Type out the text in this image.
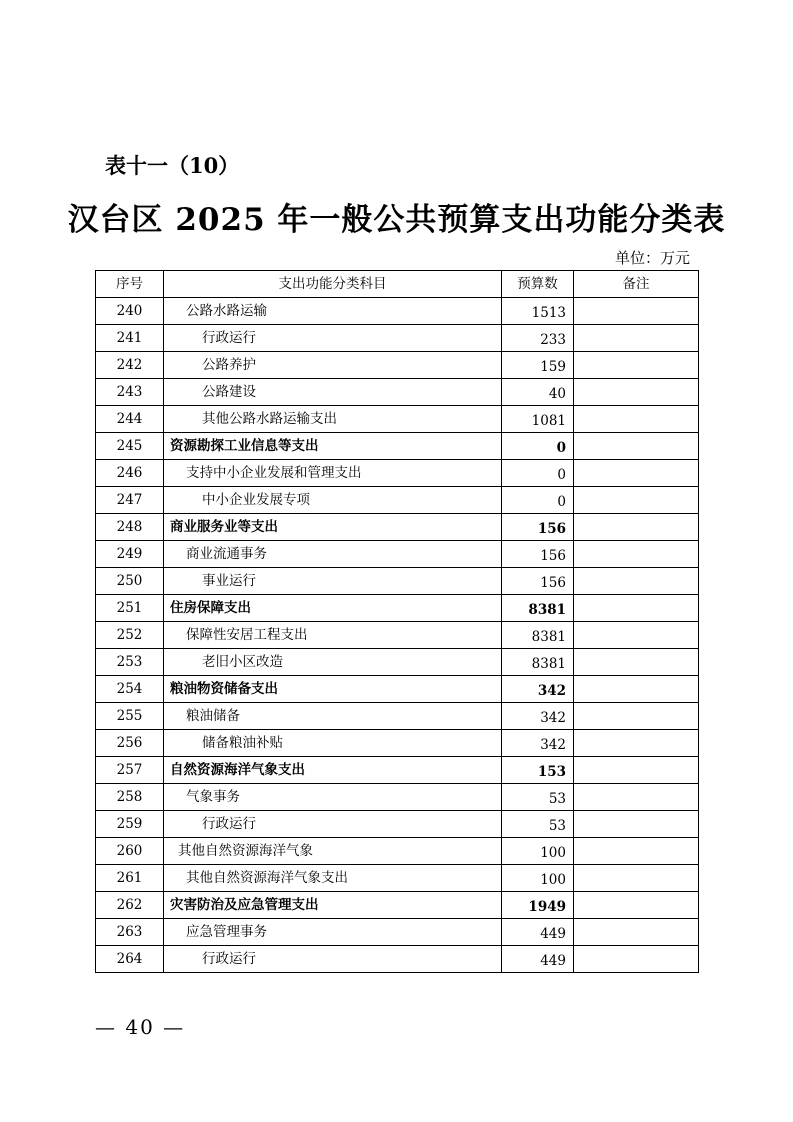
表十一（10）
汉台区 2025 年一般公共预算支出功能分类表
单位：万元
序号	支出功能分类科目	预算数	备注
240	公路水路运输	1513	
241	行政运行	233	
242	公路养护	159	
243	公路建设	40	
244	其他公路水路运输支出	1081	
245	资源勘探工业信息等支出	0	
246	支持中小企业发展和管理支出	0	
247	中小企业发展专项	0	
248	商业服务业等支出	156	
249	商业流通事务	156	
250	事业运行	156	
251	住房保障支出	8381	
252	保障性安居工程支出	8381	
253	老旧小区改造	8381	
254	粮油物资储备支出	342	
255	粮油储备	342	
256	储备粮油补贴	342	
257	自然资源海洋气象支出	153	
258	气象事务	53	
259	行政运行	53	
260	其他自然资源海洋气象	100	
261	其他自然资源海洋气象支出	100	
262	灾害防治及应急管理支出	1949	
263	应急管理事务	449	
264	行政运行	449	
— 40 —
